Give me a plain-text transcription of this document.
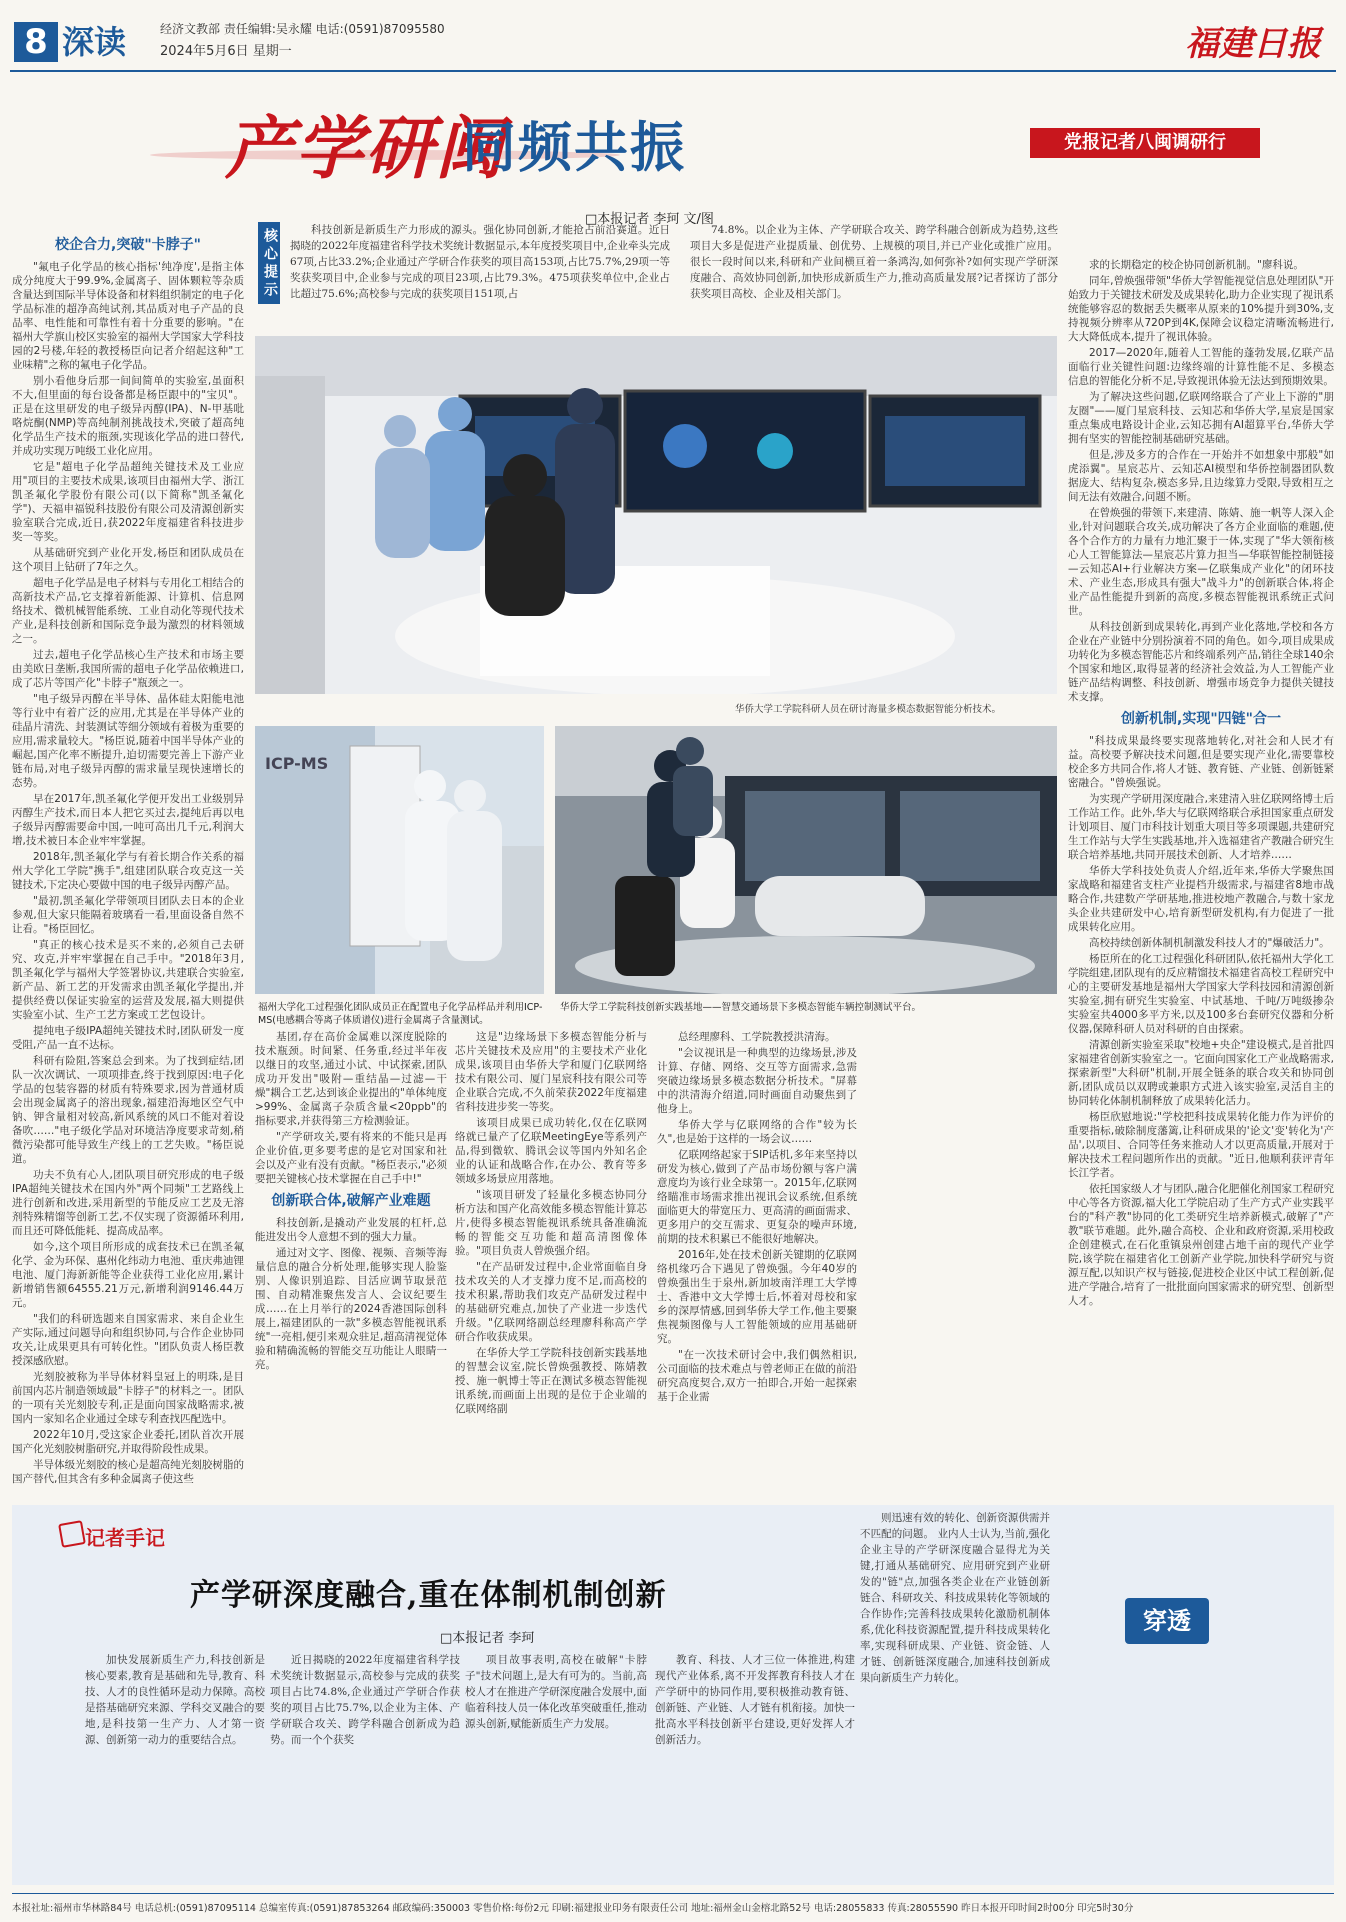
8 深读	经济文教部 责任编辑:吴永耀 电话:(0591)87095580
2024年5月6日 星期一	福建日报
产学研闽
同频共振	党报记者八闽调研行
□本报记者 李珂 文/图
校企合力,突破"卡脖子"

"氟电子化学品的核心指标'纯净度',是指主体成分纯度大于99.9%,金属离子、固体颗粒等杂质含量达到国际半导体设备和材料组织制定的电子化学品标准的超净高纯试剂,其品质对电子产品的良品率、电性能和可靠性有着十分重要的影响。"在福州大学旗山校区实验室的福州大学国家大学科技园的2号楼,年轻的教授杨臣向记者介绍起这种"工业味精"之称的氟电子化学品。

别小看他身后那一间间简单的实验室,虽面积不大,但里面的每台设备都是杨臣跟中的"宝贝"。正是在这里研发的电子级异丙醇(IPA)、N-甲基吡咯烷酮(NMP)等高纯制剂挑战技术,突破了超高纯化学品生产技术的瓶颈,实现该化学品的进口替代,并成功实现万吨级工业化应用。

它是"超电子化学品超纯关键技术及工业应用"项目的主要技术成果,该项目由福州大学、浙江凯圣氟化学股份有限公司(以下简称"凯圣氟化学")、天福申福锐科技股份有限公司及清源创新实验室联合完成,近日,获2022年度福建省科技进步奖一等奖。

从基础研究到产业化开发,杨臣和团队成员在这个项目上钻研了7年之久。

超电子化学品是电子材料与专用化工相结合的高新技术产品,它支撑着新能源、计算机、信息网络技术、微机械智能系统、工业自动化等现代技术产业,是科技创新和国际竞争最为激烈的材料领域之一。

过去,超电子化学品核心生产技术和市场主要由美欧日垄断,我国所需的超电子化学品依赖进口,成了芯片等国产化"卡脖子"瓶颈之一。

"电子级异丙醇在半导体、晶体硅太阳能电池等行业中有着广泛的应用,尤其是在半导体产业的硅晶片清洗、封装测试等细分领域有着极为重要的应用,需求量较大。"杨臣说,随着中国半导体产业的崛起,国产化率不断提升,迫切需要完善上下游产业链布局,对电子级异丙醇的需求量呈现快速增长的态势。

早在2017年,凯圣氟化学便开发出工业级别异丙醇生产技术,而日本人把它买过去,提纯后再以电子级异丙醇需要命中国,一吨可高出几千元,利润大增,技术被日本企业牢牢掌握。

2018年,凯圣氟化学与有着长期合作关系的福州大学化工学院"携手",组建团队联合攻克这一关键技术,下定决心要做中国的电子级异丙醇产品。

"最初,凯圣氟化学带领项目团队去日本的企业参观,但大家只能隔着玻璃看一看,里面设备自然不让看。"杨臣回忆。

"真正的核心技术是买不来的,必须自己去研究、攻克,并牢牢掌握在自己手中。"2018年3月,凯圣氟化学与福州大学签署协议,共建联合实验室,新产品、新工艺的开发需求由凯圣氟化学提出,并提供经费以保证实验室的运营及发展,福大则提供实验室小试、生产工艺方案或工艺包设计。

提纯电子级IPA超纯关键技术时,团队研发一度受阻,产品一直不达标。

科研有险阻,答案总会到来。为了找到症结,团队一次次调试、一项项排查,终于找到原因:电子化学品的包装容器的材质有特殊要求,因为普通材质会出现金属离子的溶出现象,福建沿海地区空气中钠、钾含量相对较高,新风系统的风口不能对着设备吹……"电子级化学品对环境洁净度要求苛刻,稍微污染都可能导致生产线上的工艺失败。"杨臣说道。

功夫不负有心人,团队项目研究形成的电子级IPA超纯关键技术在国内外"两个同频"工艺路线上进行创新和改进,采用新型的节能反应工艺及无溶剂特殊精馏等创新工艺,不仅实现了资源循环利用,而且还可降低能耗、提高成品率。

如今,这个项目所形成的成套技术已在凯圣氟化学、金为环保、惠州化纬动力电池、重庆弗迪锂电池、厦门海新新能等企业获得工业化应用,累计新增销售额64555.21万元,新增利润9146.44万元。

"我们的科研选题来自国家需求、来自企业生产实际,通过问题导向和组织协同,与合作企业协同攻关,让成果更具有可转化性。"团队负责人杨臣教授深感欣慰。

光刻胶被称为半导体材料皇冠上的明珠,是目前国内芯片制造领域最"卡脖子"的材料之一。团队的一项有关光刻胶专利,正是面向国家战略需求,被国内一家知名企业通过全球专利查找匹配选中。

2022年10月,受这家企业委托,团队首次开展国产化光刻胶树脂研究,并取得阶段性成果。

半导体级光刻胶的核心是超高纯光刻胶树脂的国产替代,但其含有多种金属离子使这些

核心提示	科技创新是新质生产力形成的源头。强化协同创新,才能抢占前沿赛道。近日揭晓的2022年度福建省科学技术奖统计数据显示,本年度授奖项目中,企业牵头完成67项,占比33.2%;企业通过产学研合作获奖的项目高153项,占比75.7%,29项一等奖获奖项目中,企业参与完成的项目23项,占比79.3%。475项获奖单位中,企业占比超过75.6%;高校参与完成的获奖项目151项,占

74.8%。以企业为主体、产学研联合攻关、跨学科融合创新成为趋势,这些项目大多是促进产业提质量、创优势、上规模的项目,并已产业化或推广应用。 很长一段时间以来,科研和产业间横亘着一条鸿沟,如何弥补?如何实现产学研深度融合、高效协同创新,加快形成新质生产力,推动高质量发展?记者探访了部分获奖项目高校、企业及相关部门。

华侨大学工学院科研人员在研讨海量多模态数据智能分析技术。
ICP-MS
福州大学化工过程强化团队成员正在配置电子化学品样品并利用ICP-MS(电感耦合等离子体质谱仪)进行金属离子含量测试。
华侨大学工学院科技创新实践基地——智慧交通场景下多模态智能车辆控制测试平台。

基团,存在高价金属难以深度脱除的技术瓶颈。时间紧、任务重,经过半年夜以继日的攻坚,通过小试、中试探索,团队成功开发出"吸附—重结晶—过滤—干燥"耦合工艺,达到该企业提出的"单体纯度>99%、金属离子杂质含量<20ppb"的指标要求,并获得第三方检测验证。

"产学研攻关,要有将来的不能只是再企业价值,更多要考虑的是它对国家和社会以及产业有没有贡献。"杨臣表示,"必须要把关键核心技术掌握在自己手中!"

创新联合体,破解产业难题

科技创新,是撬动产业发展的杠杆,总能进发出令人意想不到的强大力量。

通过对文字、图像、视频、音频等海量信息的融合分析处理,能够实现人脸鉴别、人像识别追踪、目活应调节取景范围、自动精准聚焦发言人、会议纪要生成……在上月举行的2024香港国际创科展上,福建团队的一款"多模态智能视讯系统"一亮相,便引来观众驻足,超高清视觉体验和精确流畅的智能交互功能让人眼睛一亮。

这是"边缘场景下多模态智能分析与芯片关键技术及应用"的主要技术产业化成果,该项目由华侨大学和厦门亿联网络技术有限公司、厦门星宸科技有限公司等企业联合完成,不久前荣获2022年度福建省科技进步奖一等奖。

该项目成果已成功转化,仅在亿联网络就已量产了亿联MeetingEye等系列产品,得到微软、腾讯会议等国内外知名企业的认证和战略合作,在办公、教育等多领域多场景应用落地。

"该项目研发了轻量化多模态协同分析方法和国产化高效能多模态智能计算芯片,使得多模态智能视讯系统具备准确流畅的智能交互功能和超高清图像体验。"项目负责人曾焕强介绍。

"在产品研发过程中,企业常面临自身技术攻关的人才支撑力度不足,而高校的技术积累,帮助我们攻克产品研发过程中的基础研究难点,加快了产业进一步迭代升级。"亿联网络副总经理廖科称高产学研合作收获成果。

在华侨大学工学院科技创新实践基地的智慧会议室,院长曾焕强教授、陈婧教授、施一帆博士等正在测试多模态智能视讯系统,而画面上出现的是位于企业端的亿联网络副

总经理廖科、工学院教授洪清海。

"会议视讯是一种典型的边缘场景,涉及计算、存储、网络、交互等方面需求,急需突破边缘场景多模态数据分析技术。"屏幕中的洪清海介绍道,同时画面自动聚焦到了他身上。

华侨大学与亿联网络的合作"较为长久",也是始于这样的一场会议……

亿联网络起家于SIP话机,多年来坚持以研发为核心,做到了产品市场份额与客户满意度均为该行业全球第一。2015年,亿联网络瞄准市场需求推出视讯会议系统,但系统面临更大的带宽压力、更高清的画面需求、更多用户的交互需求、更复杂的噪声环境,前期的技术积累已不能很好地解决。

2016年,处在技术创新关键期的亿联网络机缘巧合下遇见了曾焕强。今年40岁的曾焕强出生于泉州,新加坡南洋理工大学博士、香港中文大学博士后,怀着对母校和家乡的深厚情感,回到华侨大学工作,他主要聚焦视频图像与人工智能领域的应用基础研究。

"在一次技术研讨会中,我们偶然相识,公司面临的技术难点与曾老师正在做的前沿研究高度契合,双方一拍即合,开始一起探索基于企业需

求的长期稳定的校企协同创新机制。"廖科说。

同年,曾焕强带领"华侨大学智能视觉信息处理团队"开始致力于关键技术研发及成果转化,助力企业实现了视讯系统能够容忍的数据丢失概率从原来的10%提升到30%,支持视频分辨率从720P到4K,保障会议稳定清晰流畅进行,大大降低成本,提升了视讯体验。

2017—2020年,随着人工智能的蓬勃发展,亿联产品面临行业关键性问题:边缘终端的计算性能不足、多模态信息的智能化分析不足,导致视讯体验无法达到预期效果。

为了解决这些问题,亿联网络联合了产业上下游的"朋友圈"——厦门星宸科技、云知芯和华侨大学,星宸是国家重点集成电路设计企业,云知芯拥有AI超算平台,华侨大学拥有坚实的智能控制基础研究基础。

但是,涉及多方的合作在一开始并不如想象中那般"如虎添翼"。星宸芯片、云知芯AI模型和华侨控制器团队数据庞大、结构复杂,模态多异,且边缘算力受限,导致相互之间无法有效融合,问题不断。

在曾焕强的带领下,来建清、陈婧、施一帆等人深入企业,针对问题联合攻关,成功解决了各方企业面临的难题,使各个合作方的力量有力地汇聚于一体,实现了"华大领衔核心人工智能算法—星宸芯片算力担当—华联智能控制链接—云知芯AI+行业解决方案—亿联集成产业化"的闭环技术、产业生态,形成具有强大"战斗力"的创新联合体,将企业产品性能提升到新的高度,多模态智能视讯系统正式问世。

从科技创新到成果转化,再到产业化落地,学校和各方企业在产业链中分别扮演着不同的角色。如今,项目成果成功转化为多模态智能芯片和终端系列产品,销往全球140余个国家和地区,取得显著的经济社会效益,为人工智能产业链产品结构调整、科技创新、增强市场竞争力提供关键技术支撑。

创新机制,实现"四链"合一

"科技成果最终要实现落地转化,对社会和人民才有益。高校要予解决技术问题,但是要实现产业化,需要靠校校企多方共同合作,将人才链、教育链、产业链、创新链紧密融合。"曾焕强说。

为实现产学研用深度融合,来建清入驻亿联网络博士后工作站工作。此外,华大与亿联网络联合承担国家重点研发计划项目、厦门市科技计划重大项目等多项课题,共建研究生工作站与大学生实践基地,并入选福建省产教融合研究生联合培养基地,共同开展技术创新、人才培养……

华侨大学科技处负责人介绍,近年来,华侨大学聚焦国家战略和福建省支柱产业提档升级需求,与福建省8地市战略合作,共建数产学研基地,推进校地产教融合,与数十家龙头企业共建研发中心,培育新型研发机构,有力促进了一批成果转化应用。

高校持续创新体制机制激发科技人才的"爆破活力"。

杨臣所在的化工过程强化科研团队,依托福州大学化工学院组建,团队现有的反应精馏技术福建省高校工程研究中心的主要研发基地是福州大学国家大学科技园和清源创新实验室,拥有研究生实验室、中试基地、千吨/万吨级掺杂实验室共4000多平方米,以及100多台套研究仪器和分析仪器,保障科研人员对科研的自由探索。

清源创新实验室采取"校地+央企"建设模式,是首批四家福建省创新实验室之一。它面向国家化工产业战略需求,探索新型"大科研"机制,开展全链条的联合攻关和协同创新,团队成员以双聘或兼职方式进入该实验室,灵活自主的协同转化体制机制释放了成果转化活力。

杨臣欣慰地说:"学校把科技成果转化能力作为评价的重要指标,破除制度藩篱,让科研成果的'论文'变'转化为'产品',以项目、合同等任务来推动人才以更高质量,开展对于解决技术工程问题所作出的贡献。"近日,他顺利获评青年长江学者。

依托国家级人才与团队,融合化肥催化剂国家工程研究中心等各方资源,福大化工学院启动了生产方式产业实践平台的"科产教"协同的化工类研究生培养新模式,破解了"产教"联节难题。此外,融合高校、企业和政府资源,采用校政企创建模式,在石化重镇泉州创建占地千亩的现代产业学院,该学院在福建省化工创新产业学院,加快科学研究与资源互配,以知识产权与链接,促进校企业区中试工程创新,促进产学融合,培育了一批批面向国家需求的研究型、创新型人才。

记者手记
产学研深度融合,重在体制机制创新
□本报记者 李珂

加快发展新质生产力,科技创新是核心要素,教育是基础和先导,教育、科技、人才的良性循环是动力保障。高校是搭基础研究来源、学科交叉融合的要地,是科技第一生产力、人才第一资源、创新第一动力的重要结合点。

近日揭晓的2022年度福建省科学技术奖统计数据显示,高校参与完成的获奖项目占比74.8%,企业通过产学研合作获奖的项目占比75.7%,以企业为主体、产学研联合攻关、跨学科融合创新成为趋势。而一个个获奖

项目故事表明,高校在破解"卡脖子"技术问题上,是大有可为的。当前,高校人才在推进产学研深度融合发展中,面临着科技人员一体化改革突破重任,推动源头创新,赋能新质生产力发展。

教育、科技、人才三位一体推进,构建现代产业体系,离不开发挥教育科技人才在产学研中的协同作用,要积极推动教育链、创新链、产业链、人才链有机衔接。加快一批高水平科技创新平台建设,更好发挥人才创新活力。

则迅速有效的转化、创新资源供需并不匹配的问题。 业内人士认为,当前,强化企业主导的产学研深度融合显得尤为关键,打通从基础研究、应用研究到产业研发的"链"点,加强各类企业在产业链创新链合、科研攻关、科技成果转化等领域的合作协作;完善科技成果转化激励机制体系,优化科技资源配置,提升科技成果转化率,实现科研成果、产业链、资金链、人才链、创新链深度融合,加速科技创新成果向新质生产力转化。

穿透
本报社址:福州市华林路84号 电话总机:(0591)87095114 总编室传真:(0591)87853264 邮政编码:350003 零售价格:每份2元 印刷:福建报业印务有限责任公司 地址:福州金山金榕北路52号 电话:28055833 传真:28055590 昨日本报开印时间2时00分 印完5时30分
